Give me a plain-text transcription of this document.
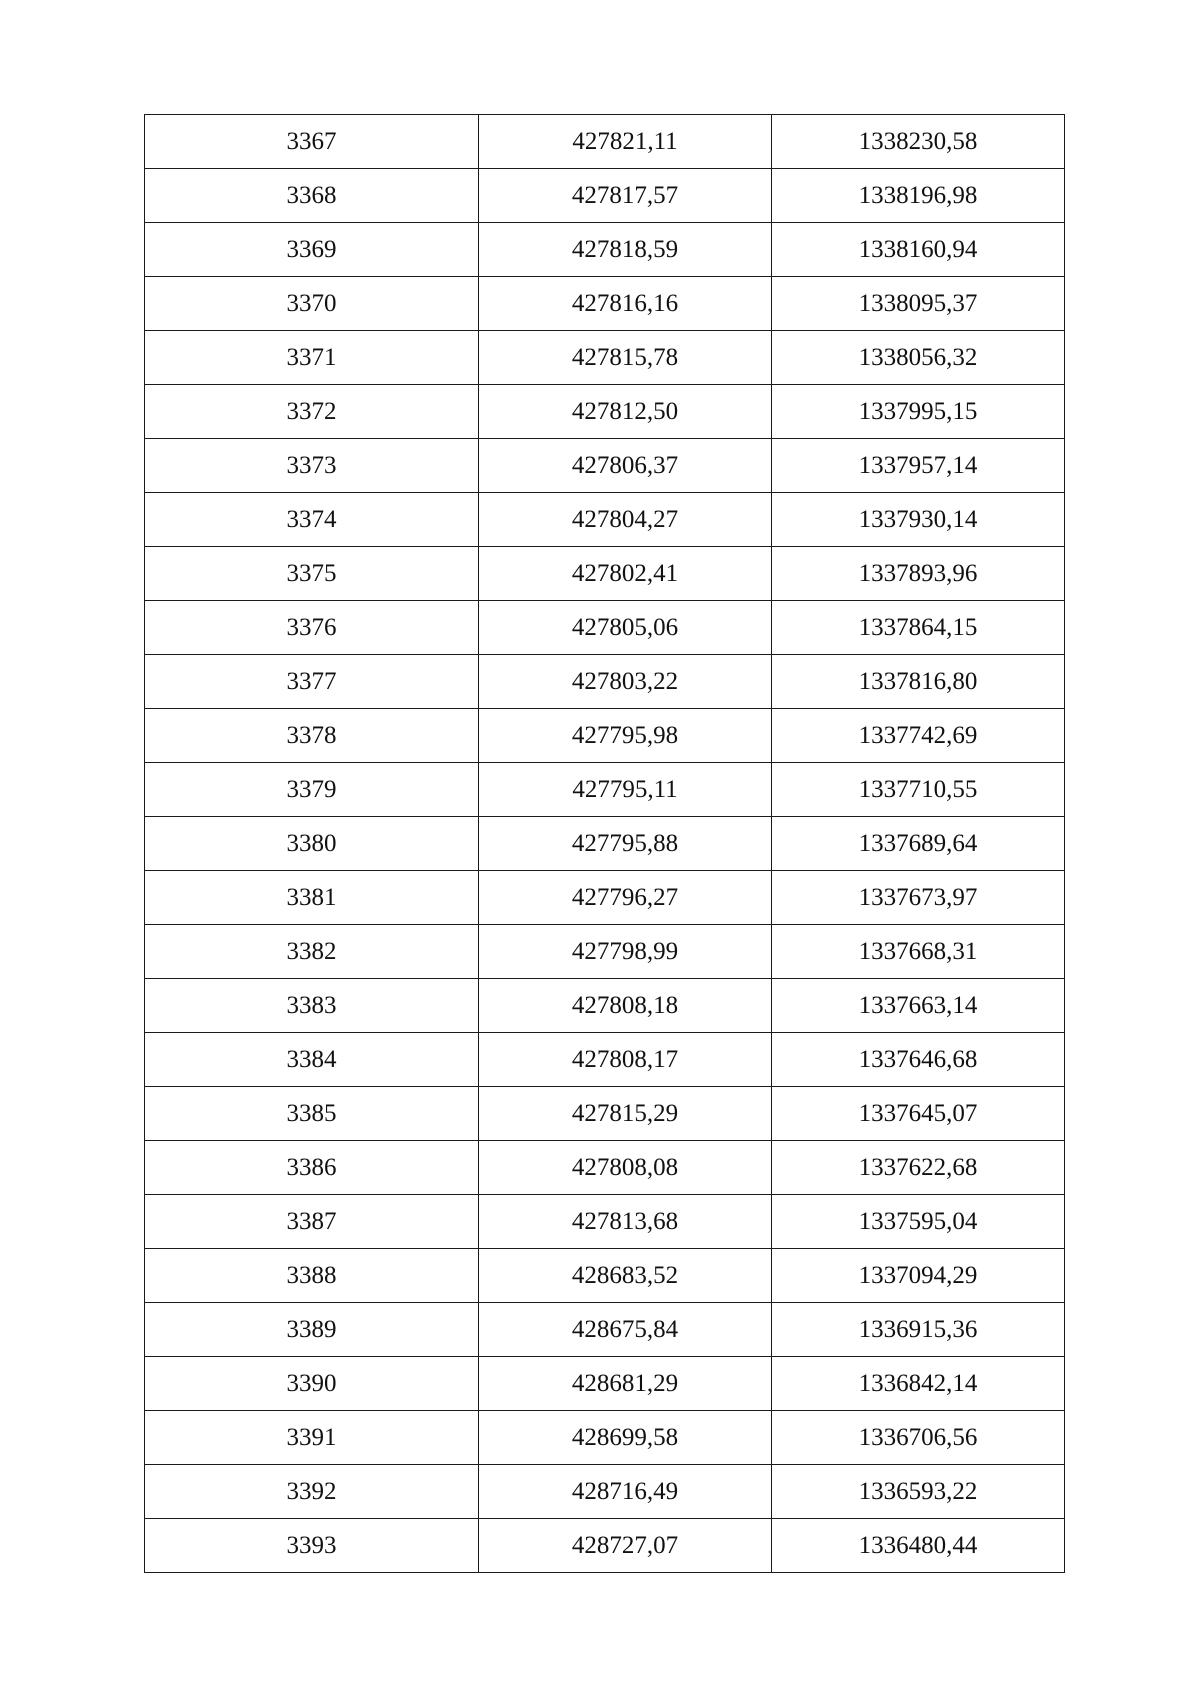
3367	427821,11	1338230,58
3368	427817,57	1338196,98
3369	427818,59	1338160,94
3370	427816,16	1338095,37
3371	427815,78	1338056,32
3372	427812,50	1337995,15
3373	427806,37	1337957,14
3374	427804,27	1337930,14
3375	427802,41	1337893,96
3376	427805,06	1337864,15
3377	427803,22	1337816,80
3378	427795,98	1337742,69
3379	427795,11	1337710,55
3380	427795,88	1337689,64
3381	427796,27	1337673,97
3382	427798,99	1337668,31
3383	427808,18	1337663,14
3384	427808,17	1337646,68
3385	427815,29	1337645,07
3386	427808,08	1337622,68
3387	427813,68	1337595,04
3388	428683,52	1337094,29
3389	428675,84	1336915,36
3390	428681,29	1336842,14
3391	428699,58	1336706,56
3392	428716,49	1336593,22
3393	428727,07	1336480,44
